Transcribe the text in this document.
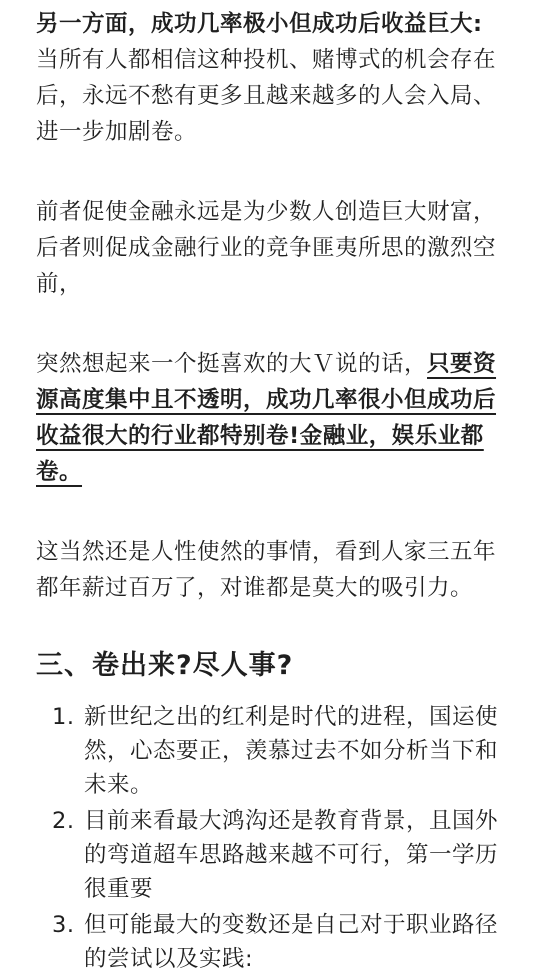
另一方面，成功几率极小但成功后收益巨大:
当所有人都相信这种投机、赌博式的机会存在后，永远不愁有更多且越来越多的人会入局、进一步加剧卷。

前者促使金融永远是为少数人创造巨大财富，后者则促成金融行业的竞争匪夷所思的激烈空前，

突然想起来一个挺喜欢的大Ｖ说的话，只要资源高度集中且不透明，成功几率很小但成功后收益很大的行业都特别卷!金融业，娱乐业都卷。

这当然还是人性使然的事情，看到人家三五年都年薪过百万了，对谁都是莫大的吸引力。

三、卷出来?尽人事?
1. 新世纪之出的红利是时代的进程，国运使然，心态要正，羡慕过去不如分析当下和未来。
2. 目前来看最大鸿沟还是教育背景，且国外的弯道超车思路越来越不可行，第一学历很重要
3. 但可能最大的变数还是自己对于职业路径的尝试以及实践:
